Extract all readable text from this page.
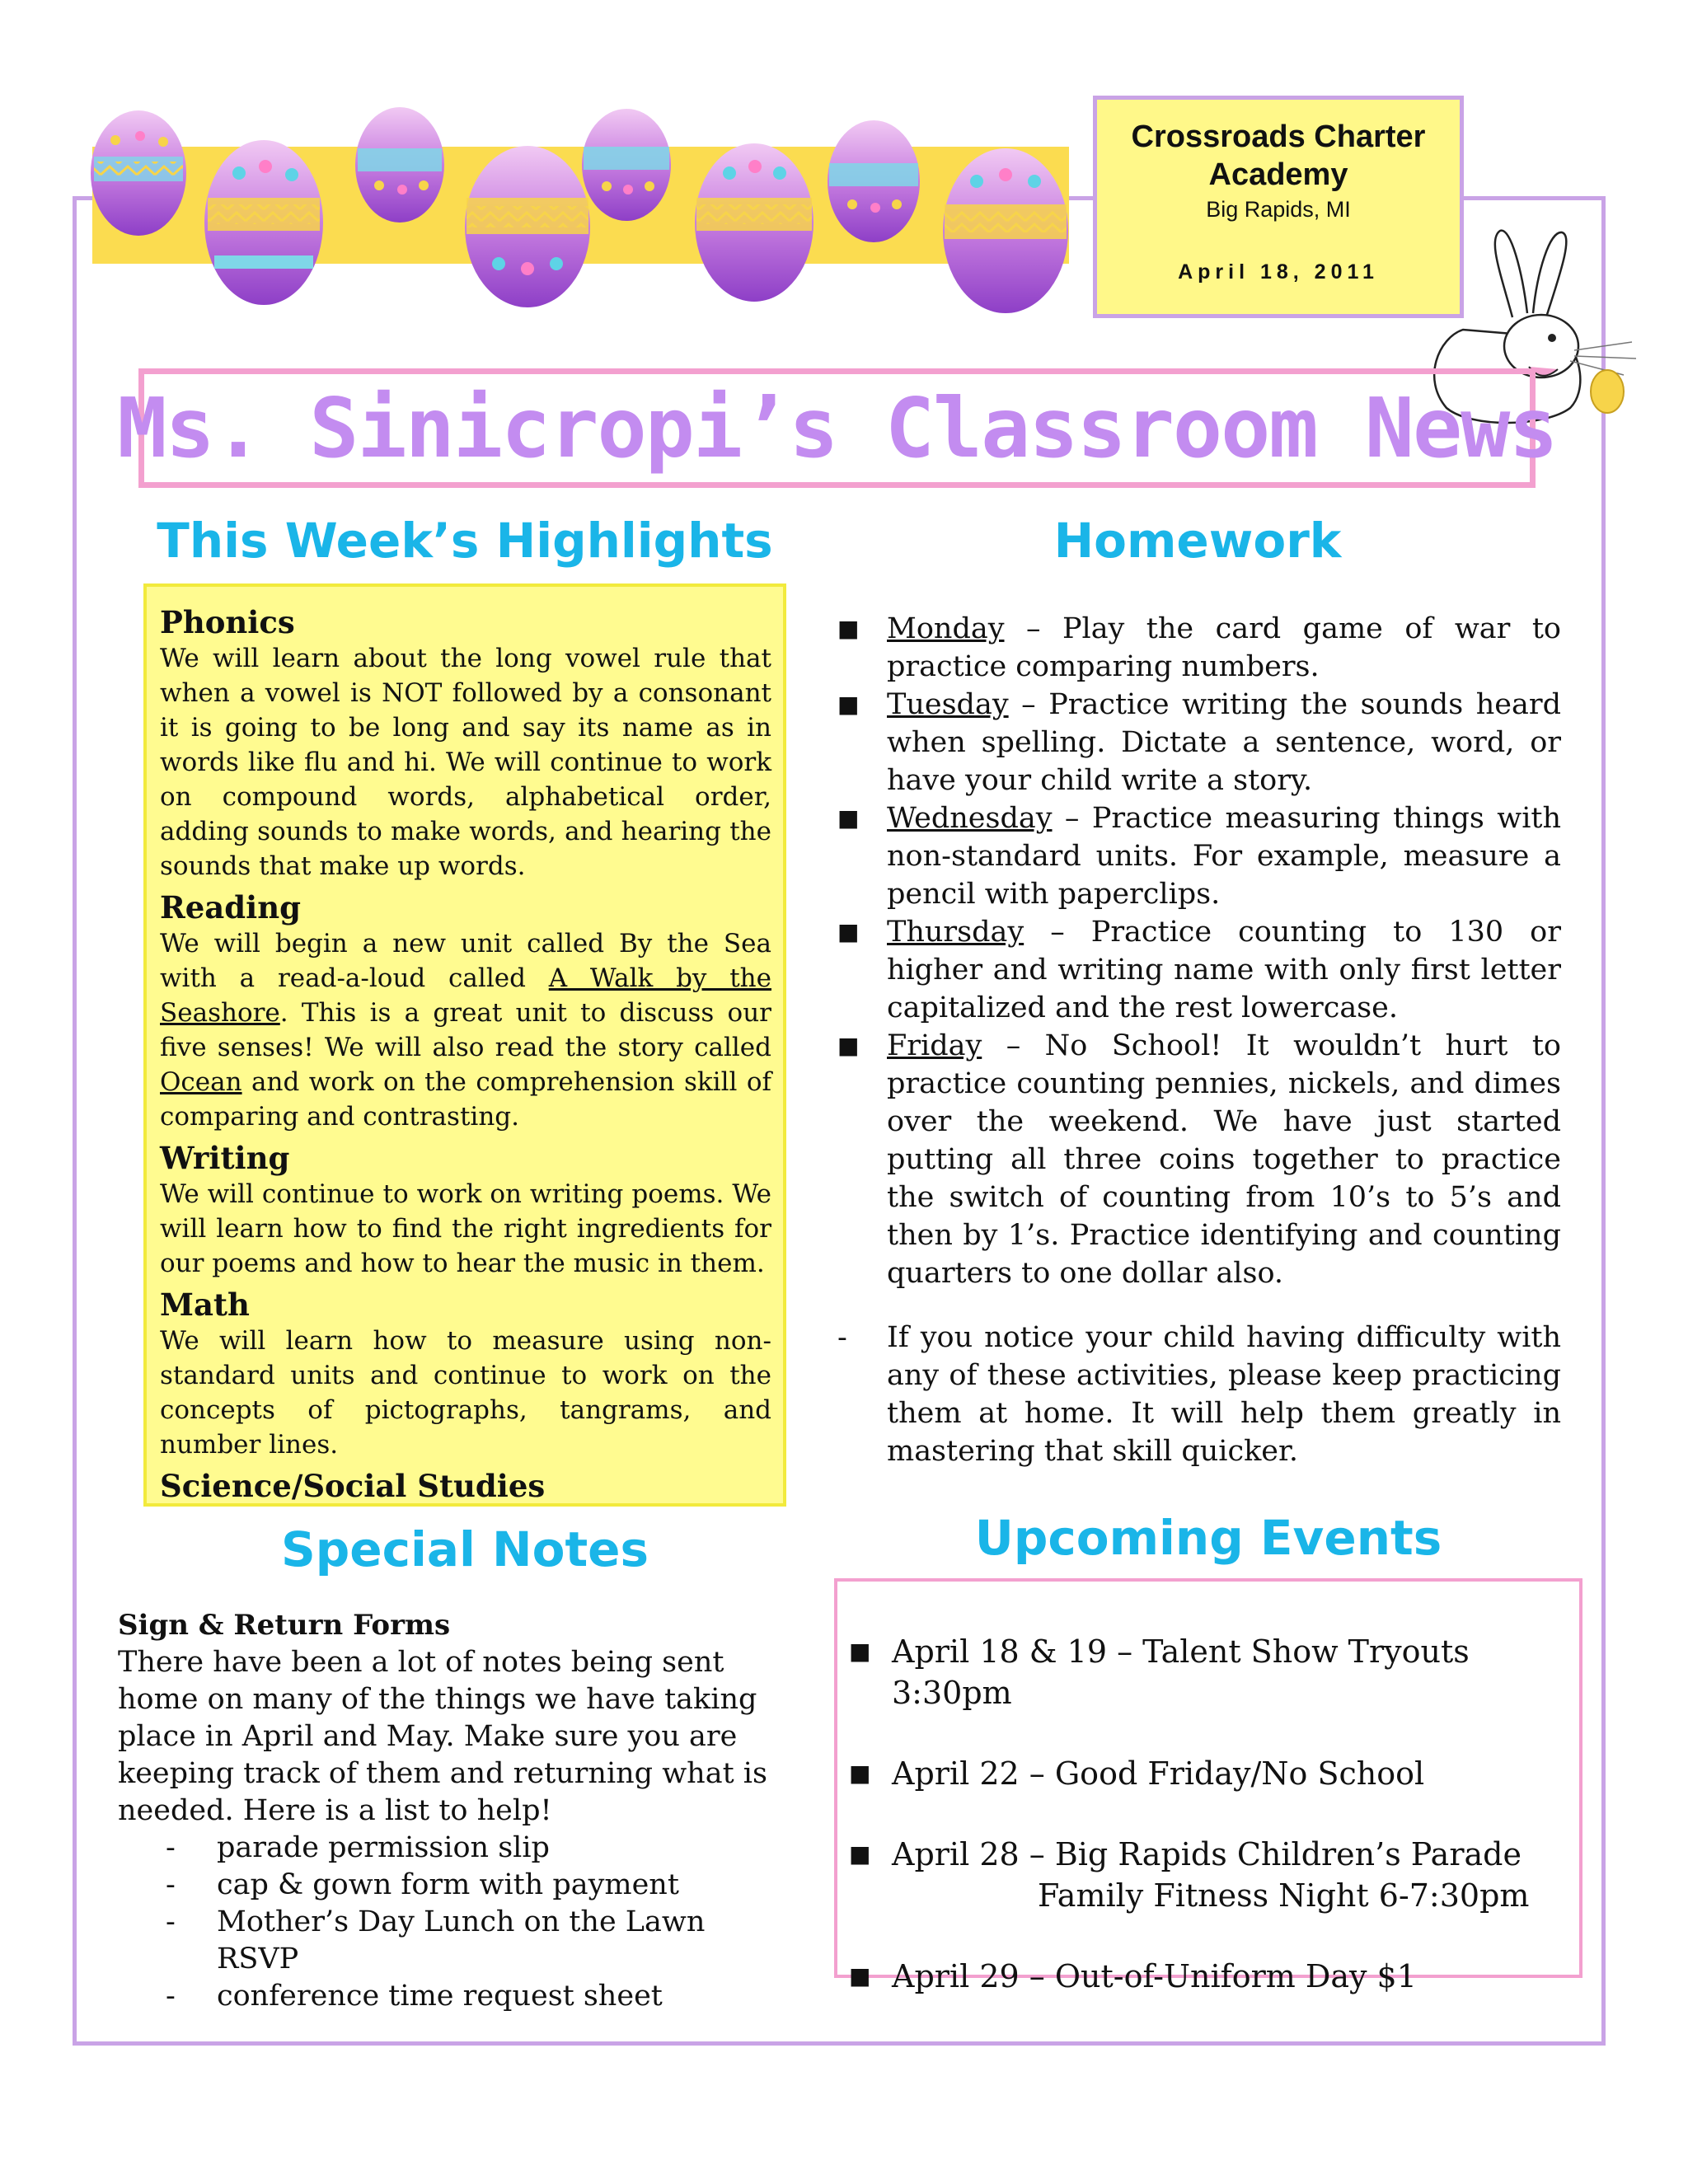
Crossroads Charter Academy
Big Rapids, MI
April 18, 2011
Ms. Sinicropi’s Classroom News
This Week’s Highlights	Homework
Phonics

We will learn about the long vowel rule that when a vowel is NOT followed by a consonant it is going to be long and say its name as in words like flu and hi. We will continue to work on compound words, alphabetical order, adding sounds to make words, and hearing the sounds that make up words.

Reading

We will begin a new unit called By the Sea with a read-a-loud called A Walk by the Seashore. This is a great unit to discuss our five senses! We will also read the story called Ocean and work on the comprehension skill of comparing and contrasting.

Writing

We will continue to work on writing poems. We will learn how to find the right ingredients for our poems and how to hear the music in them.

Math

We will learn how to measure using non-standard units and continue to work on the concepts of pictographs, tangrams, and number lines.

Science/Social Studies

■ Monday – Play the card game of war to practice comparing numbers.
■ Tuesday – Practice writing the sounds heard when spelling. Dictate a sentence, word, or have your child write a story.
■ Wednesday – Practice measuring things with non-standard units. For example, measure a pencil with paperclips.
■ Thursday – Practice counting to 130 or higher and writing name with only first letter capitalized and the rest lowercase.
■ Friday – No School! It wouldn’t hurt to practice counting pennies, nickels, and dimes over the weekend. We have just started putting all three coins together to practice the switch of counting from 10’s to 5’s and then by 1’s. Practice identifying and counting quarters to one dollar also.
- If you notice your child having difficulty with any of these activities, please keep practicing them at home. It will help them greatly in mastering that skill quicker.
Special Notes	Upcoming Events
Sign & Return Forms
There have been a lot of notes being sent home on many of the things we have taking place in April and May. Make sure you are keeping track of them and returning what is needed. Here is a list to help!
- parade permission slip
- cap & gown form with payment
- Mother’s Day Lunch on the Lawn RSVP
- conference time request sheet
■ April 18 & 19 – Talent Show Tryouts 3:30pm
■ April 22 – Good Friday/No School
■ April 28 – Big Rapids Children’s Parade
Family Fitness Night 6-7:30pm
■ April 29 – Out-of-Uniform Day $1
